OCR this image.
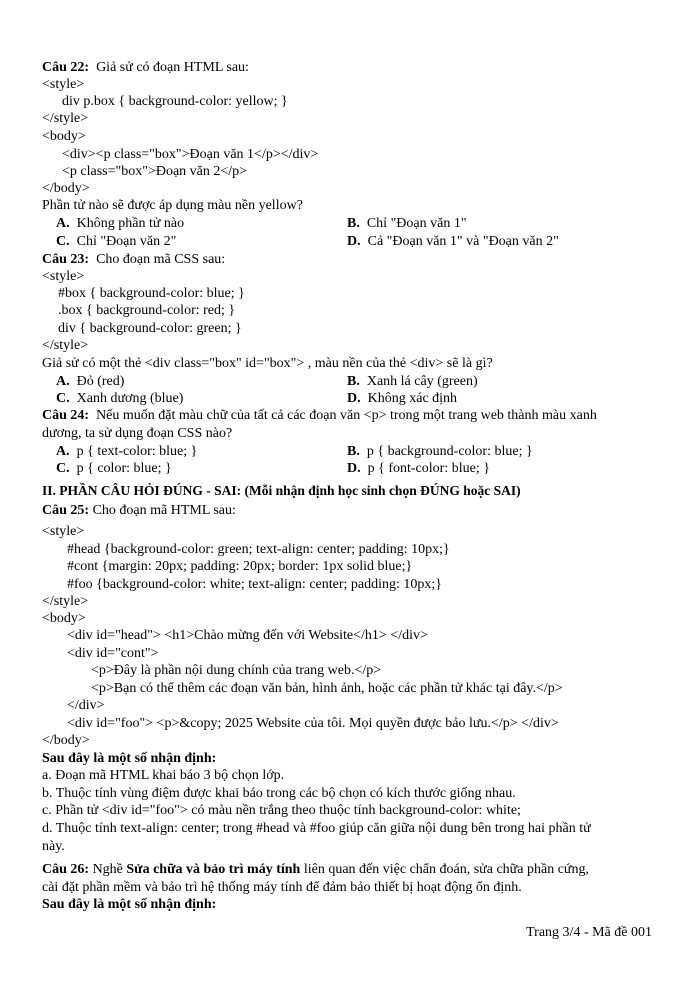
Câu 22: Giả sử có đoạn HTML sau:
<style>
div p.box { background-color: yellow; }
</style>
<body>
<div><p class="box">Đoạn văn 1</p></div>
<p class="box">Đoạn văn 2</p>
</body>
Phần tử nào sẽ được áp dụng màu nền yellow?
A. Không phần tử nào	B. Chỉ "Đoạn văn 1"
C. Chỉ "Đoạn văn 2"	D. Cả "Đoạn văn 1" và "Đoạn văn 2"
Câu 23: Cho đoạn mã CSS sau:
<style>
#box { background-color: blue; }
.box { background-color: red; }
div { background-color: green; }
</style>
Giả sử có một thẻ <div class="box" id="box"> , màu nền của thẻ <div> sẽ là gì?
A. Đỏ (red)	B. Xanh lá cây (green)
C. Xanh dương (blue)	D. Không xác định
Câu 24: Nếu muốn đặt màu chữ của tất cả các đoạn văn <p> trong một trang web thành màu xanh
dương, ta sử dụng đoạn CSS nào?
A. p { text-color: blue; }	B. p { background-color: blue; }
C. p { color: blue; }	D. p { font-color: blue; }
II. PHẦN CÂU HỎI ĐÚNG - SAI: (Mỗi nhận định học sinh chọn ĐÚNG hoặc SAI)
Câu 25: Cho đoạn mã HTML sau:
<style>
#head {background-color: green; text-align: center; padding: 10px;}
#cont {margin: 20px; padding: 20px; border: 1px solid blue;}
#foo {background-color: white; text-align: center; padding: 10px;}
</style>
<body>
<div id="head"> <h1>Chào mừng đến với Website</h1> </div>
<div id="cont">
<p>Đây là phần nội dung chính của trang web.</p>
<p>Bạn có thể thêm các đoạn văn bản, hình ảnh, hoặc các phần tử khác tại đây.</p>
</div>
<div id="foo"> <p>&copy; 2025 Website của tôi. Mọi quyền được bảo lưu.</p> </div>
</body>
Sau đây là một số nhận định:
a. Đoạn mã HTML khai báo 3 bộ chọn lớp.
b. Thuộc tính vùng điệm được khai báo trong các bộ chọn có kích thước giống nhau.
c. Phần tử <div id="foo"> có màu nền trắng theo thuộc tính background-color: white;
d. Thuộc tính text-align: center; trong #head và #foo giúp căn giữa nội dung bên trong hai phần tử
này.
Câu 26: Nghề Sửa chữa và bảo trì máy tính liên quan đến việc chẩn đoán, sửa chữa phần cứng,
cài đặt phần mềm và bảo trì hệ thống máy tính để đảm bảo thiết bị hoạt động ổn định.
Sau đây là một số nhận định:
Trang 3/4 - Mã đề 001
